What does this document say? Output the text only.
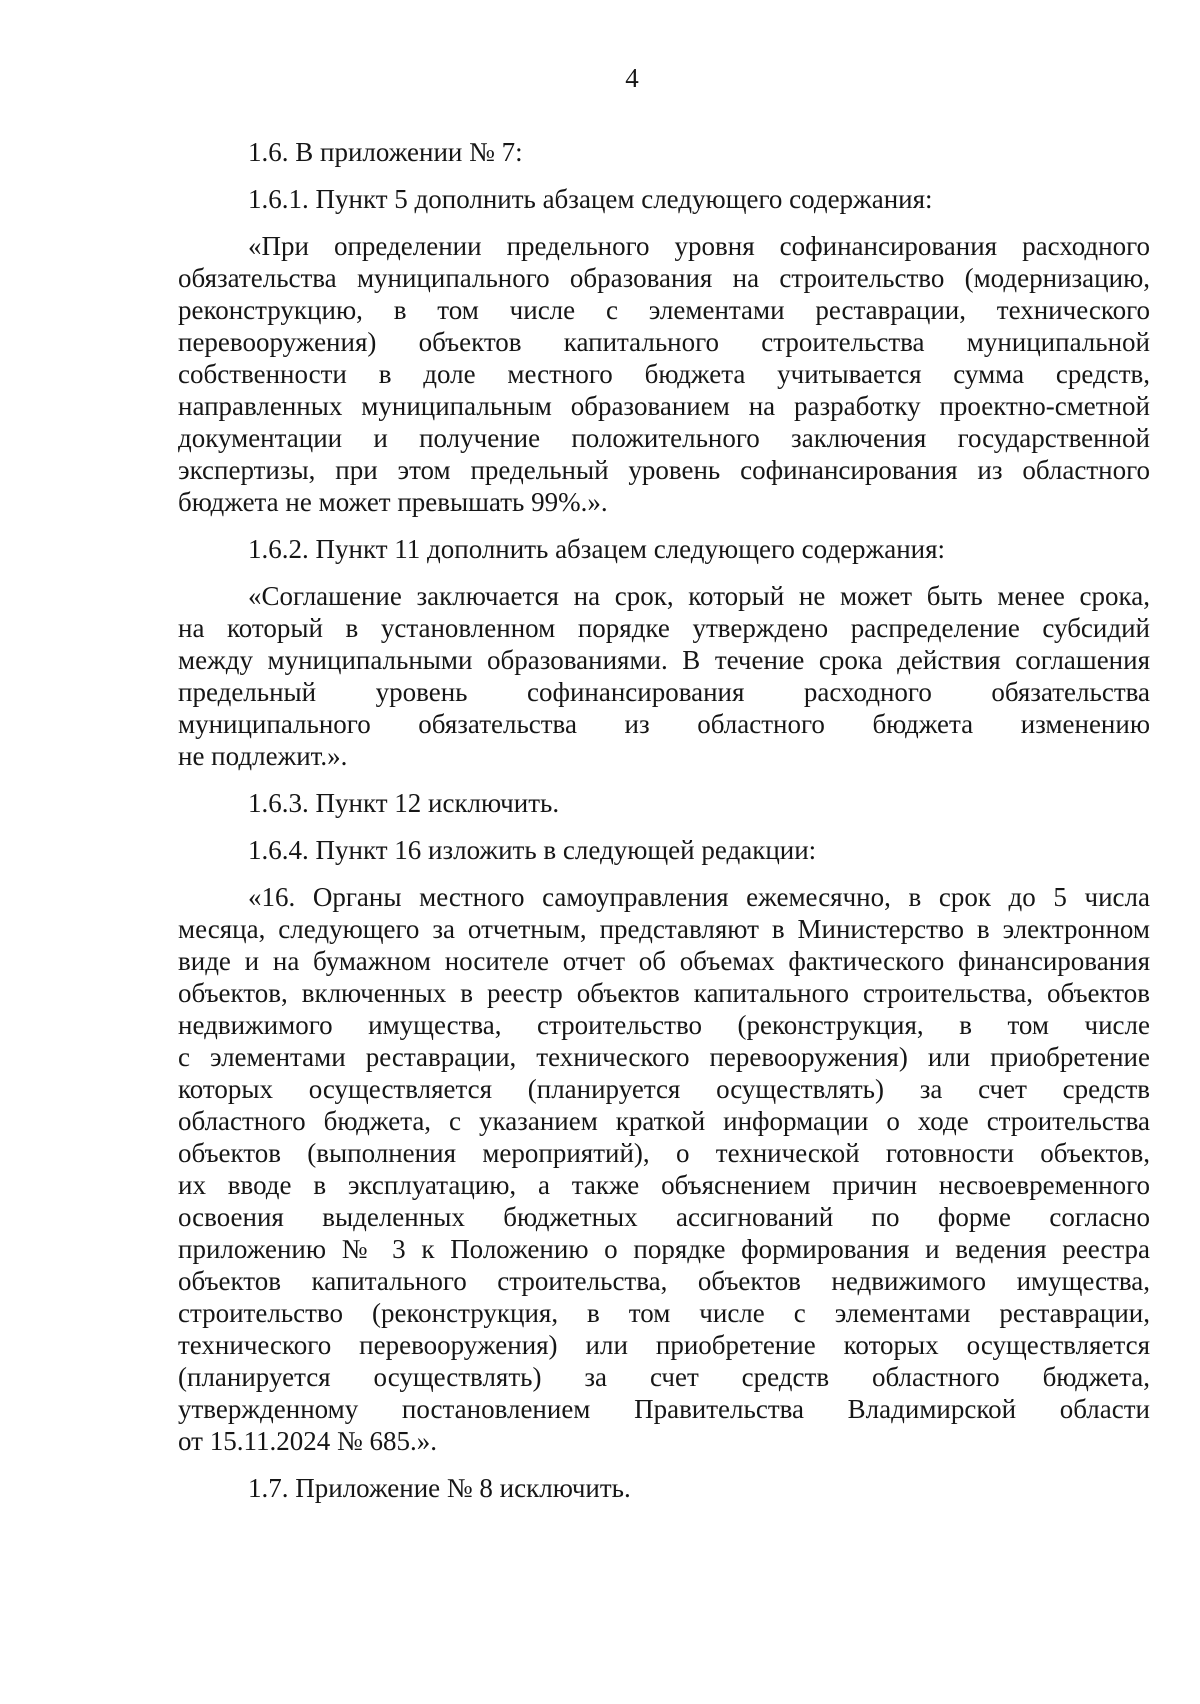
4
1.6. В приложении № 7:
1.6.1. Пункт 5 дополнить абзацем следующего содержания:
«При определении предельного уровня софинансирования расходного
обязательства муниципального образования на строительство (модернизацию,
реконструкцию, в том числе с элементами реставрации, технического
перевооружения) объектов капитального строительства муниципальной
собственности в доле местного бюджета учитывается сумма средств,
направленных муниципальным образованием на разработку проектно-сметной
документации и получение положительного заключения государственной
экспертизы, при этом предельный уровень софинансирования из областного
бюджета не может превышать 99%.».
1.6.2. Пункт 11 дополнить абзацем следующего содержания:
«Соглашение заключается на срок, который не может быть менее срока,
на который в установленном порядке утверждено распределение субсидий
между муниципальными образованиями. В течение срока действия соглашения
предельный уровень софинансирования расходного обязательства
муниципального обязательства из областного бюджета изменению
не подлежит.».
1.6.3. Пункт 12 исключить.
1.6.4. Пункт 16 изложить в следующей редакции:
«16. Органы местного самоуправления ежемесячно, в срок до 5 числа
месяца, следующего за отчетным, представляют в Министерство в электронном
виде и на бумажном носителе отчет об объемах фактического финансирования
объектов, включенных в реестр объектов капитального строительства, объектов
недвижимого имущества, строительство (реконструкция, в том числе
с элементами реставрации, технического перевооружения) или приобретение
которых осуществляется (планируется осуществлять) за счет средств
областного бюджета, с указанием краткой информации о ходе строительства
объектов (выполнения мероприятий), о технической готовности объектов,
их вводе в эксплуатацию, а также объяснением причин несвоевременного
освоения выделенных бюджетных ассигнований по форме согласно
приложению № 3 к Положению о порядке формирования и ведения реестра
объектов капитального строительства, объектов недвижимого имущества,
строительство (реконструкция, в том числе с элементами реставрации,
технического перевооружения) или приобретение которых осуществляется
(планируется осуществлять) за счет средств областного бюджета,
утвержденному постановлением Правительства Владимирской области
от 15.11.2024 № 685.».
1.7. Приложение № 8 исключить.
